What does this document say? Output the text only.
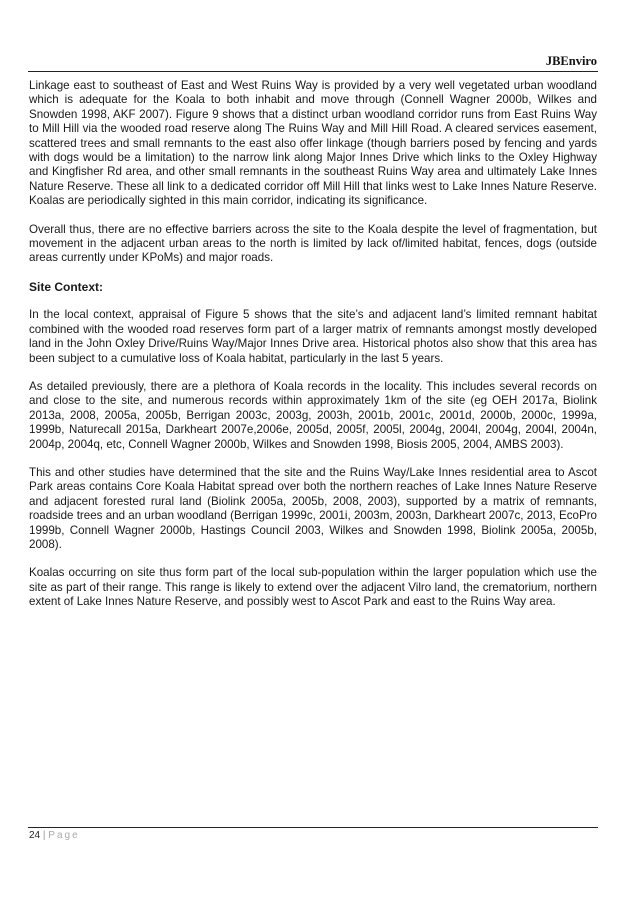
JBEnviro

Linkage east to southeast of East and West Ruins Way is provided by a very well vegetated urban woodland which is adequate for the Koala to both inhabit and move through (Connell Wagner 2000b, Wilkes and Snowden 1998, AKF 2007). Figure 9 shows that a distinct urban woodland corridor runs from East Ruins Way to Mill Hill via the wooded road reserve along The Ruins Way and Mill Hill Road. A cleared services easement, scattered trees and small remnants to the east also offer linkage (though barriers posed by fencing and yards with dogs would be a limitation) to the narrow link along Major Innes Drive which links to the Oxley Highway and Kingfisher Rd area, and other small remnants in the southeast Ruins Way area and ultimately Lake Innes Nature Reserve. These all link to a dedicated corridor off Mill Hill that links west to Lake Innes Nature Reserve. Koalas are periodically sighted in this main corridor, indicating its significance.

Overall thus, there are no effective barriers across the site to the Koala despite the level of fragmentation, but movement in the adjacent urban areas to the north is limited by lack of/limited habitat, fences, dogs (outside areas currently under KPoMs) and major roads.

Site Context:

In the local context, appraisal of Figure 5 shows that the site’s and adjacent land’s limited remnant habitat combined with the wooded road reserves form part of a larger matrix of remnants amongst mostly developed land in the John Oxley Drive/Ruins Way/Major Innes Drive area. Historical photos also show that this area has been subject to a cumulative loss of Koala habitat, particularly in the last 5 years.

As detailed previously, there are a plethora of Koala records in the locality. This includes several records on and close to the site, and numerous records within approximately 1km of the site (eg OEH 2017a, Biolink 2013a, 2008, 2005a, 2005b, Berrigan 2003c, 2003g, 2003h, 2001b, 2001c, 2001d, 2000b, 2000c, 1999a, 1999b, Naturecall 2015a, Darkheart 2007e,2006e, 2005d, 2005f, 2005l, 2004g, 2004l, 2004g, 2004l, 2004n, 2004p, 2004q, etc, Connell Wagner 2000b, Wilkes and Snowden 1998, Biosis 2005, 2004, AMBS 2003).

This and other studies have determined that the site and the Ruins Way/Lake Innes residential area to Ascot Park areas contains Core Koala Habitat spread over both the northern reaches of Lake Innes Nature Reserve and adjacent forested rural land (Biolink 2005a, 2005b, 2008, 2003), supported by a matrix of remnants, roadside trees and an urban woodland (Berrigan 1999c, 2001i, 2003m, 2003n, Darkheart 2007c, 2013, EcoPro 1999b, Connell Wagner 2000b, Hastings Council 2003, Wilkes and Snowden 1998, Biolink 2005a, 2005b, 2008).

Koalas occurring on site thus form part of the local sub-population within the larger population which use the site as part of their range. This range is likely to extend over the adjacent Vilro land, the crematorium, northern extent of Lake Innes Nature Reserve, and possibly west to Ascot Park and east to the Ruins Way area.

24 | Page
